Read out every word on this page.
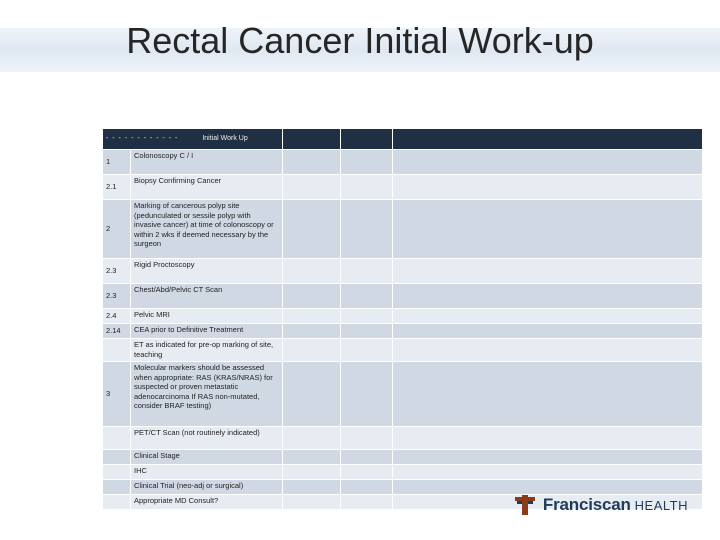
Rectal Cancer Initial Work-up
- - - - - - - - - - - - Initial Work Up				
1	Colonoscopy C / I			
2.1	Biopsy Confirming Cancer			
2	Marking of cancerous polyp site (pedunculated or sessile polyp with invasive cancer) at time of colonoscopy or within 2 wks if deemed necessary by the surgeon			
2.3	Rigid Proctoscopy			
2.3	Chest/Abd/Pelvic CT Scan			
2.4	Pelvic MRI			
2.14	CEA prior to Definitive Treatment			
	ET as indicated for pre-op marking of site, teaching			
3	Molecular markers should be assessed when appropriate: RAS (KRAS/NRAS) for suspected or proven metastatic adenocarcinoma If RAS non-mutated, consider BRAF testing)			
	PET/CT Scan (not routinely indicated)			
	Clinical Stage			
	IHC			
	Clinical Trial (neo-adj or surgical)			
	Appropriate MD Consult?				Franciscan HEALTH
